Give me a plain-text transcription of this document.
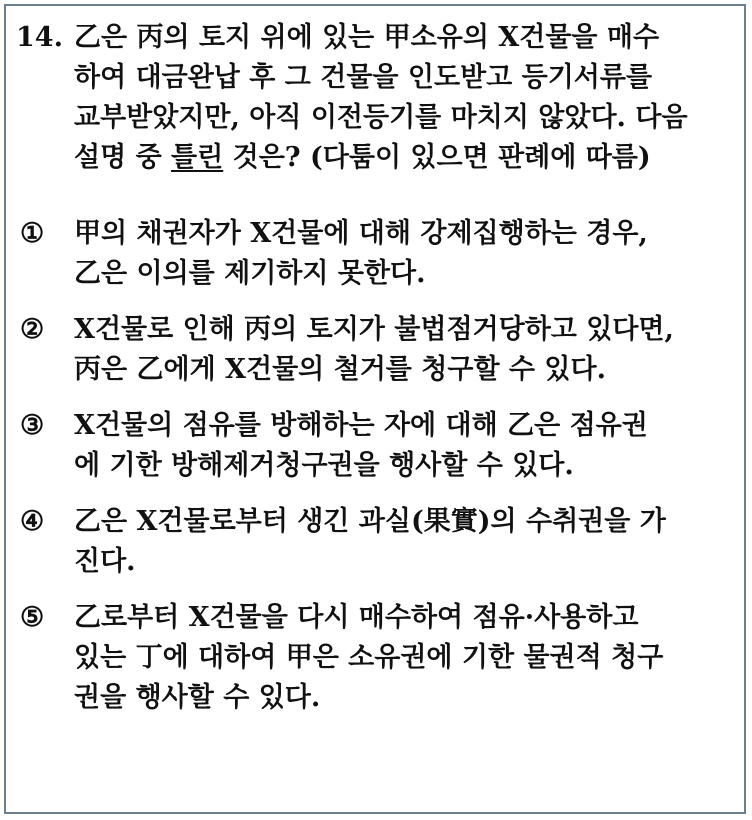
14. 乙은 丙의 토지 위에 있는 甲소유의 X건물을 매수
하여 대금완납 후 그 건물을 인도받고 등기서류를
교부받았지만, 아직 이전등기를 마치지 않았다. 다음
설명 중 틀린 것은? (다툼이 있으면 판례에 따름)
①	甲의 채권자가 X건물에 대해 강제집행하는 경우,
乙은 이의를 제기하지 못한다.
②	X건물로 인해 丙의 토지가 불법점거당하고 있다면,
丙은 乙에게 X건물의 철거를 청구할 수 있다.
③	X건물의 점유를 방해하는 자에 대해 乙은 점유권
에 기한 방해제거청구권을 행사할 수 있다.
④	乙은 X건물로부터 생긴 과실(果實)의 수취권을 가
진다.
⑤	乙로부터 X건물을 다시 매수하여 점유·사용하고
있는 丁에 대하여 甲은 소유권에 기한 물권적 청구
권을 행사할 수 있다.
